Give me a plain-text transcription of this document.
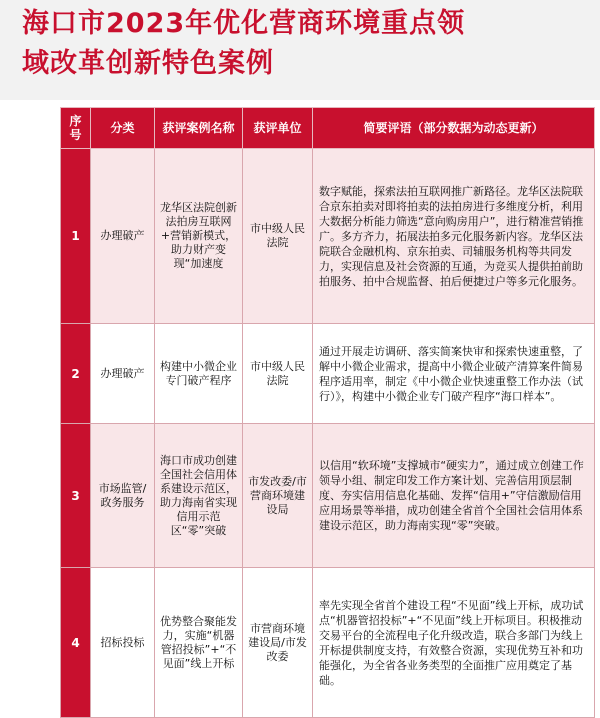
海口市2023年优化营商环境重点领
域改革创新特色案例
序号	分类	获评案例名称	获评单位	简要评语（部分数据为动态更新）
1	办理破产	龙华区法院创新法拍房互联网+营销新模式，助力财产变现“加速度	市中级人民法院	数字赋能，探索法拍互联网推广新路径。龙华区法院联合京东拍卖对即将拍卖的法拍房进行多维度分析，利用大数据分析能力筛选“意向购房用户”，进行精准营销推广。多方齐力，拓展法拍多元化服务新内容。龙华区法院联合金融机构、京东拍卖、司辅服务机构等共同发力，实现信息及社会资源的互通，为竞买人提供拍前助拍服务、拍中合规监督、拍后便捷过户等多元化服务。
2	办理破产	构建中小微企业专门破产程序	市中级人民法院	通过开展走访调研、落实简案快审和探索快速重整，了解中小微企业需求，提高中小微企业破产清算案件简易程序适用率，制定《中小微企业快速重整工作办法（试行）》，构建中小微企业专门破产程序“海口样本”。
3	市场监管/政务服务	海口市成功创建全国社会信用体系建设示范区，助力海南省实现信用示范区“零”突破	市发改委/市营商环境建设局	以信用“软环境”支撑城市“硬实力”，通过成立创建工作领导小组、制定印发工作方案计划、完善信用顶层制度、夯实信用信息化基础、发挥“信用+”守信激励信用应用场景等举措，成功创建全省首个全国社会信用体系建设示范区，助力海南实现“零”突破。
4	招标投标	优势整合聚能发力，实施“机器管招投标”+“不见面”线上开标	市营商环境建设局/市发改委	率先实现全省首个建设工程“不见面”线上开标，成功试点“机器管招投标”+“不见面”线上开标项目。积极推动交易平台的全流程电子化升级改造，联合多部门为线上开标提供制度支持，有效整合资源，实现优势互补和功能强化，为全省各业务类型的全面推广应用奠定了基础。
